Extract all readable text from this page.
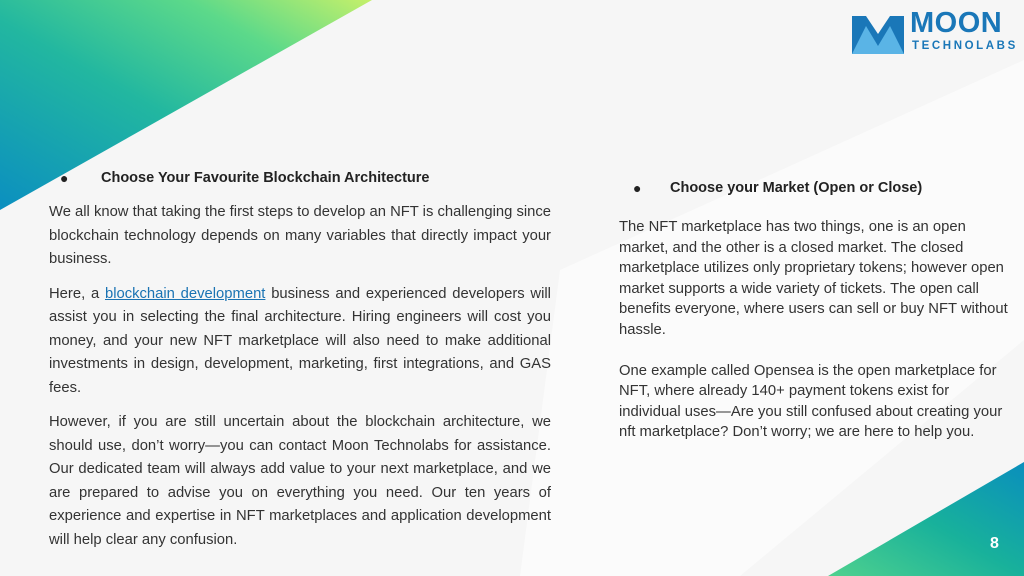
MOON
TECHNOLABS
●	Choose Your Favourite Blockchain Architecture

We all know that taking the first steps to develop an NFT is challenging since blockchain technology depends on many variables that directly impact your business.

Here, a blockchain development business and experienced developers will assist you in selecting the final architecture. Hiring engineers will cost you money, and your new NFT marketplace will also need to make additional investments in design, development, marketing, first integrations, and GAS fees.

However, if you are still uncertain about the blockchain architecture, we should use, don’t worry—you can contact Moon Technolabs for assistance. Our dedicated team will always add value to your next marketplace, and we are prepared to advise you on everything you need. Our ten years of experience and expertise in NFT marketplaces and application development will help clear any confusion.

●	Choose your Market (Open or Close)

The NFT marketplace has two things, one is an open market, and the other is a closed market. The closed marketplace utilizes only proprietary tokens; however open market supports a wide variety of tickets. The open call benefits everyone, where users can sell or buy NFT without hassle.

One example called Opensea is the open marketplace for NFT, where already 140+ payment tokens exist for individual uses—Are you still confused about creating your nft marketplace? Don’t worry; we are here to help you.

8
